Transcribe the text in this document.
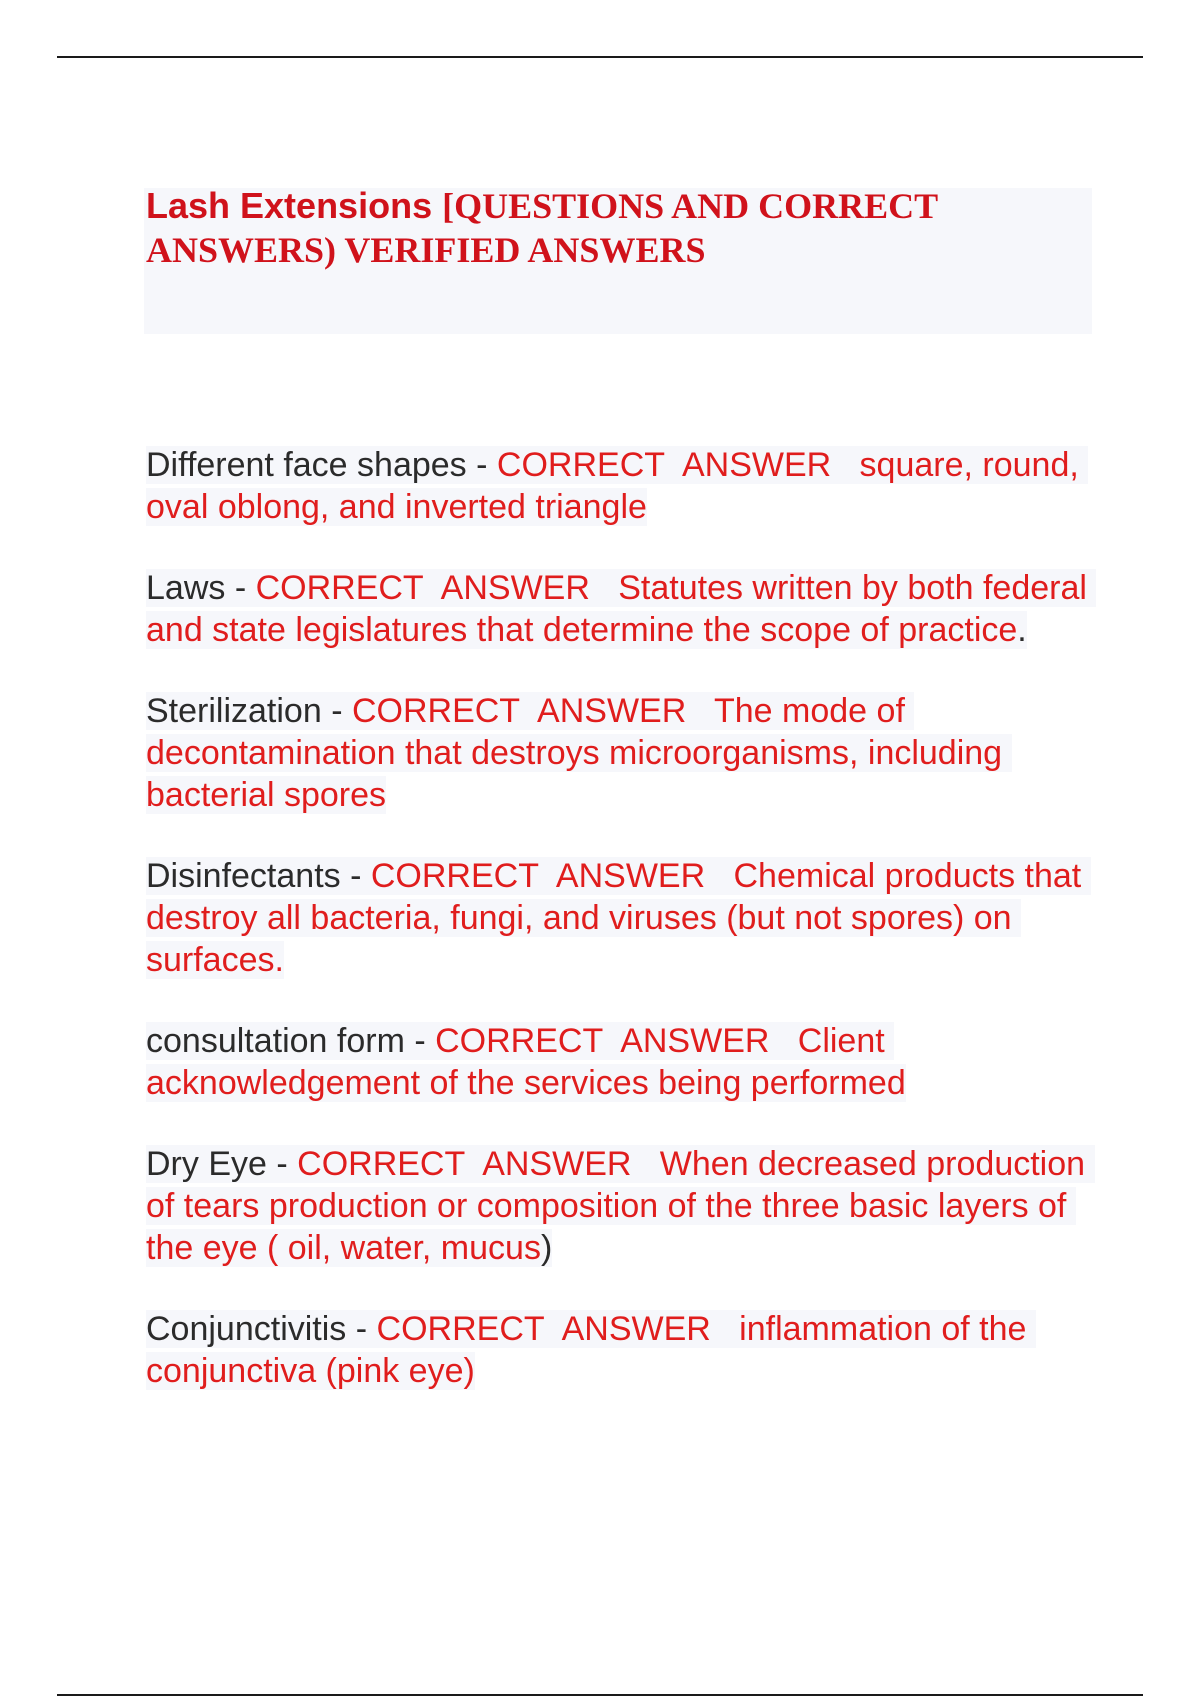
Lash Extensions [QUESTIONS AND CORRECT ANSWERS) VERIFIED ANSWERS
Different face shapes - CORRECT ANSWER square, round, oval oblong, and inverted triangle
Laws - CORRECT ANSWER Statutes written by both federal and state legislatures that determine the scope of practice.
Sterilization - CORRECT ANSWER The mode of decontamination that destroys microorganisms, including bacterial spores
Disinfectants - CORRECT ANSWER Chemical products that destroy all bacteria, fungi, and viruses (but not spores) on surfaces.
consultation form - CORRECT ANSWER Client acknowledgement of the services being performed
Dry Eye - CORRECT ANSWER When decreased production of tears production or composition of the three basic layers of the eye ( oil, water, mucus)
Conjunctivitis - CORRECT ANSWER inflammation of the conjunctiva (pink eye)
